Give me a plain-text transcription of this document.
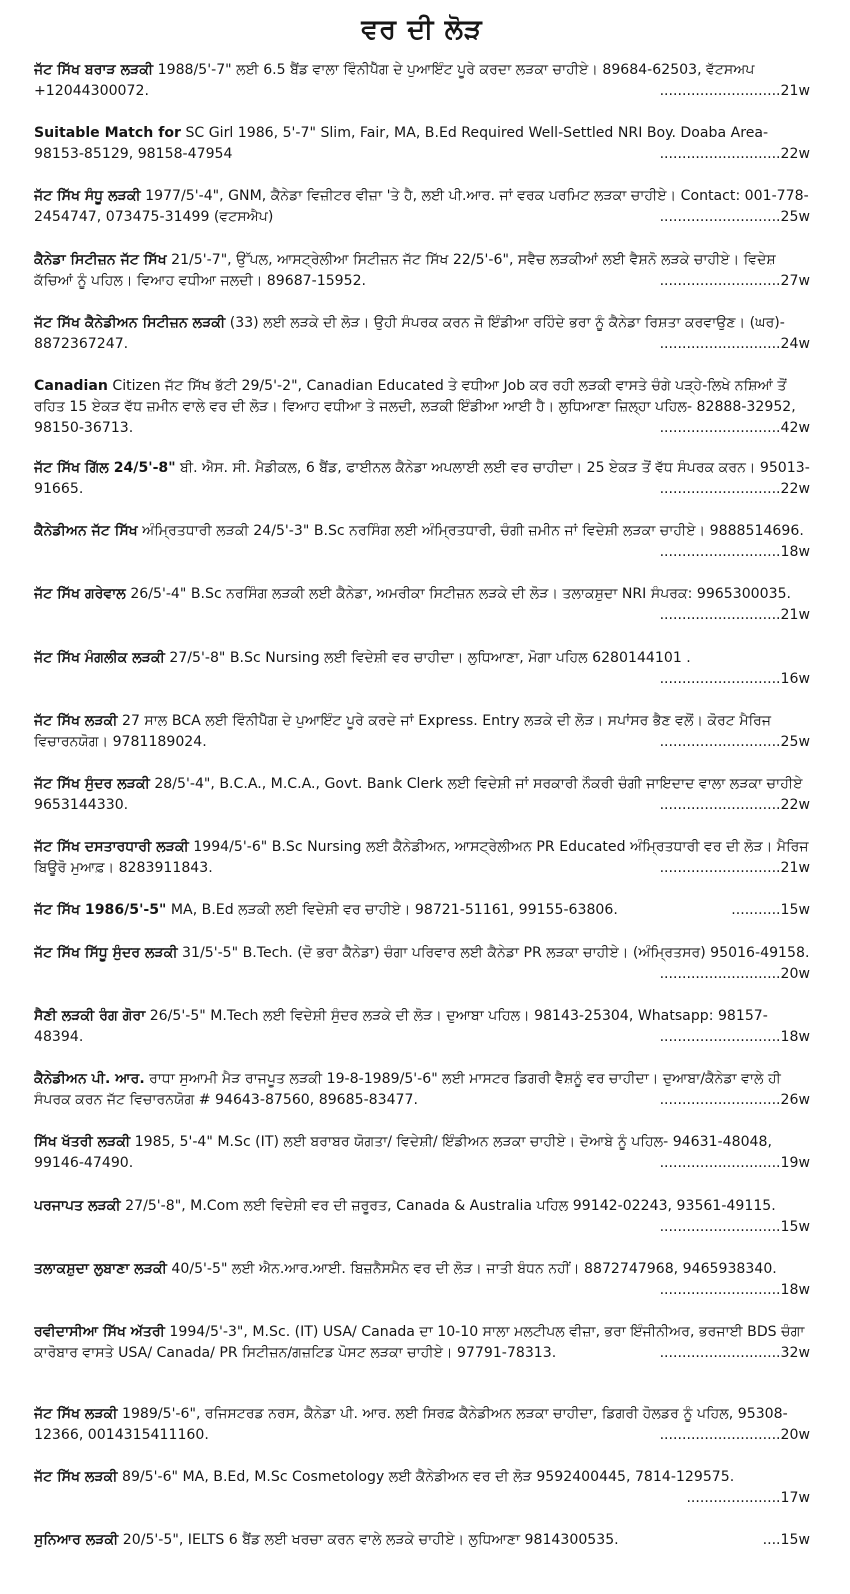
ਵਰ ਦੀ ਲੋੜ
ਜੱਟ ਸਿੱਖ ਬਰਾੜ ਲੜਕੀ 1988/5'-7" ਲਈ 6.5 ਬੈਂਡ ਵਾਲਾ ਵਿੰਨੀਪੈੱਗ ਦੇ ਪੁਆਇੰਟ ਪੂਰੇ ਕਰਦਾ ਲੜਕਾ ਚਾਹੀਏ। 89684-62503, ਵੱਟਸਅਪ +12044300072.	...........................21w
Suitable Match for SC Girl 1986, 5'-7" Slim, Fair, MA, B.Ed Required Well-Settled NRI Boy. Doaba Area-98153-85129, 98158-47954	...........................22w
ਜੱਟ ਸਿੱਖ ਸੰਧੂ ਲੜਕੀ 1977/5'-4", GNM, ਕੈਨੇਡਾ ਵਿਜ਼ੀਟਰ ਵੀਜ਼ਾ 'ਤੇ ਹੈ, ਲਈ ਪੀ.ਆਰ. ਜਾਂ ਵਰਕ ਪਰਮਿਟ ਲੜਕਾ ਚਾਹੀਏ। Contact: 001-778-2454747, 073475-31499 (ਵਟਸਐਪ)	...........................25w
ਕੈਨੇਡਾ ਸਿਟੀਜ਼ਨ ਜੱਟ ਸਿੱਖ 21/5'-7", ਉੱਪਲ, ਆਸਟ੍ਰੇਲੀਆ ਸਿਟੀਜ਼ਨ ਜੱਟ ਸਿੱਖ 22/5'-6", ਸਵੈਚ ਲੜਕੀਆਂ ਲਈ ਵੈਸ਼ਨੋ ਲੜਕੇ ਚਾਹੀਏ। ਵਿਦੇਸ਼ ਕੱਚਿਆਂ ਨੂੰ ਪਹਿਲ। ਵਿਆਹ ਵਧੀਆ ਜਲਦੀ। 89687-15952.	...........................27w
ਜੱਟ ਸਿੱਖ ਕੈਨੇਡੀਅਨ ਸਿਟੀਜ਼ਨ ਲੜਕੀ (33) ਲਈ ਲੜਕੇ ਦੀ ਲੋੜ। ਉਹੀ ਸੰਪਰਕ ਕਰਨ ਜੋ ਇੰਡੀਆ ਰਹਿੰਦੇ ਭਰਾ ਨੂੰ ਕੈਨੇਡਾ ਰਿਸ਼ਤਾ ਕਰਵਾਉਣ। (ਘਰ)- 8872367247.	...........................24w
Canadian Citizen ਜੱਟ ਸਿੱਖ ਭੱਟੀ 29/5'-2", Canadian Educated ਤੇ ਵਧੀਆ Job ਕਰ ਰਹੀ ਲੜਕੀ ਵਾਸਤੇ ਚੰਗੇ ਪੜ੍ਹੇ-ਲਿਖੇ ਨਸ਼ਿਆਂ ਤੋਂ ਰਹਿਤ 15 ਏਕੜ ਵੱਧ ਜ਼ਮੀਨ ਵਾਲੇ ਵਰ ਦੀ ਲੋੜ। ਵਿਆਹ ਵਧੀਆ ਤੇ ਜਲਦੀ, ਲੜਕੀ ਇੰਡੀਆ ਆਈ ਹੈ। ਲੁਧਿਆਣਾ ਜ਼ਿਲ੍ਹਾ ਪਹਿਲ- 82888-32952, 98150-36713.	...........................42w
ਜੱਟ ਸਿੱਖ ਗਿੱਲ 24/5'-8" ਬੀ. ਐਸ. ਸੀ. ਮੈਡੀਕਲ, 6 ਬੈਂਡ, ਫਾਈਨਲ ਕੈਨੇਡਾ ਅਪਲਾਈ ਲਈ ਵਰ ਚਾਹੀਦਾ। 25 ਏਕੜ ਤੋਂ ਵੱਧ ਸੰਪਰਕ ਕਰਨ। 95013-91665.	...........................22w
ਕੈਨੇਡੀਅਨ ਜੱਟ ਸਿੱਖ ਅੰਮ੍ਰਿਤਧਾਰੀ ਲੜਕੀ 24/5'-3" B.Sc ਨਰਸਿੰਗ ਲਈ ਅੰਮ੍ਰਿਤਧਾਰੀ, ਚੰਗੀ ਜ਼ਮੀਨ ਜਾਂ ਵਿਦੇਸ਼ੀ ਲੜਕਾ ਚਾਹੀਏ। 9888514696.
...........................18w
ਜੱਟ ਸਿੱਖ ਗਰੇਵਾਲ 26/5'-4" B.Sc ਨਰਸਿੰਗ ਲੜਕੀ ਲਈ ਕੈਨੇਡਾ, ਅਮਰੀਕਾ ਸਿਟੀਜ਼ਨ ਲੜਕੇ ਦੀ ਲੋੜ। ਤਲਾਕਸ਼ੁਦਾ NRI ਸੰਪਰਕ: 9965300035.
...........................21w
ਜੱਟ ਸਿੱਖ ਮੰਗਲੀਕ ਲੜਕੀ 27/5'-8" B.Sc Nursing ਲਈ ਵਿਦੇਸ਼ੀ ਵਰ ਚਾਹੀਦਾ। ਲੁਧਿਆਣਾ, ਮੋਗਾ ਪਹਿਲ 6280144101 .
...........................16w
ਜੱਟ ਸਿੱਖ ਲੜਕੀ 27 ਸਾਲ BCA ਲਈ ਵਿੰਨੀਪੈੱਗ ਦੇ ਪੁਆਇੰਟ ਪੂਰੇ ਕਰਦੇ ਜਾਂ Express. Entry ਲੜਕੇ ਦੀ ਲੋੜ। ਸਪਾਂਸਰ ਭੈਣ ਵਲੋਂ। ਕੋਰਟ ਮੈਰਿਜ ਵਿਚਾਰਨਯੋਗ। 9781189024.	...........................25w
ਜੱਟ ਸਿੱਖ ਸੁੰਦਰ ਲੜਕੀ 28/5'-4", B.C.A., M.C.A., Govt. Bank Clerk ਲਈ ਵਿਦੇਸ਼ੀ ਜਾਂ ਸਰਕਾਰੀ ਨੌਕਰੀ ਚੰਗੀ ਜਾਇਦਾਦ ਵਾਲਾ ਲੜਕਾ ਚਾਹੀਏ 9653144330.	...........................22w
ਜੱਟ ਸਿੱਖ ਦਸਤਾਰਧਾਰੀ ਲੜਕੀ 1994/5'-6" B.Sc Nursing ਲਈ ਕੈਨੇਡੀਅਨ, ਆਸਟ੍ਰੇਲੀਅਨ PR Educated ਅੰਮ੍ਰਿਤਧਾਰੀ ਵਰ ਦੀ ਲੋੜ। ਮੈਰਿਜ ਬਿਊਰੋ ਮੁਆਫ਼। 8283911843.	...........................21w
ਜੱਟ ਸਿੱਖ 1986/5'-5" MA, B.Ed ਲੜਕੀ ਲਈ ਵਿਦੇਸ਼ੀ ਵਰ ਚਾਹੀਏ। 98721-51161, 99155-63806.	...........15w
ਜੱਟ ਸਿੱਖ ਸਿੱਧੂ ਸੁੰਦਰ ਲੜਕੀ 31/5'-5" B.Tech. (ਦੋ ਭਰਾ ਕੈਨੇਡਾ) ਚੰਗਾ ਪਰਿਵਾਰ ਲਈ ਕੈਨੇਡਾ PR ਲੜਕਾ ਚਾਹੀਏ। (ਅੰਮ੍ਰਿਤਸਰ) 95016-49158.
...........................20w
ਸੈਣੀ ਲੜਕੀ ਰੰਗ ਗੋਰਾ 26/5'-5" M.Tech ਲਈ ਵਿਦੇਸ਼ੀ ਸੁੰਦਰ ਲੜਕੇ ਦੀ ਲੋੜ। ਦੁਆਬਾ ਪਹਿਲ। 98143-25304, Whatsapp: 98157-48394.	...........................18w
ਕੈਨੇਡੀਅਨ ਪੀ. ਆਰ. ਰਾਧਾ ਸੁਆਮੀ ਮੈੜ ਰਾਜਪੂਤ ਲੜਕੀ 19-8-1989/5'-6" ਲਈ ਮਾਸਟਰ ਡਿਗਰੀ ਵੈਸ਼ਨੂੰ ਵਰ ਚਾਹੀਦਾ। ਦੁਆਬਾ/ਕੈਨੇਡਾ ਵਾਲੇ ਹੀ ਸੰਪਰਕ ਕਰਨ ਜੱਟ ਵਿਚਾਰਨਯੋਗ # 94643-87560, 89685-83477.	...........................26w
ਸਿੱਖ ਖੱਤਰੀ ਲੜਕੀ 1985, 5'-4" M.Sc (IT) ਲਈ ਬਰਾਬਰ ਯੋਗਤਾ/ ਵਿਦੇਸ਼ੀ/ ਇੰਡੀਅਨ ਲੜਕਾ ਚਾਹੀਏ। ਦੋਆਬੇ ਨੂੰ ਪਹਿਲ- 94631-48048, 99146-47490.	...........................19w
ਪਰਜਾਪਤ ਲੜਕੀ 27/5'-8", M.Com ਲਈ ਵਿਦੇਸ਼ੀ ਵਰ ਦੀ ਜ਼ਰੂਰਤ, Canada & Australia ਪਹਿਲ 99142-02243, 93561-49115.
...........................15w
ਤਲਾਕਸ਼ੁਦਾ ਲੁਬਾਣਾ ਲੜਕੀ 40/5'-5" ਲਈ ਐਨ.ਆਰ.ਆਈ. ਬਿਜ਼ਨੈਸਮੈਨ ਵਰ ਦੀ ਲੋੜ। ਜਾਤੀ ਬੰਧਨ ਨਹੀਂ। 8872747968, 9465938340.
...........................18w
ਰਵੀਦਾਸੀਆ ਸਿੱਖ ਅੱਤਰੀ 1994/5'-3", M.Sc. (IT) USA/ Canada ਦਾ 10-10 ਸਾਲਾ ਮਲਟੀਪਲ ਵੀਜ਼ਾ, ਭਰਾ ਇੰਜੀਨੀਅਰ, ਭਰਜਾਈ BDS ਚੰਗਾ ਕਾਰੋਬਾਰ ਵਾਸਤੇ USA/ Canada/ PR ਸਿਟੀਜ਼ਨ/ਗਜ਼ਟਿਡ ਪੋਸਟ ਲੜਕਾ ਚਾਹੀਏ। 97791-78313.	...........................32w
ਜੱਟ ਸਿੱਖ ਲੜਕੀ 1989/5'-6", ਰਜਿਸਟਰਡ ਨਰਸ, ਕੈਨੇਡਾ ਪੀ. ਆਰ. ਲਈ ਸਿਰਫ਼ ਕੈਨੇਡੀਅਨ ਲੜਕਾ ਚਾਹੀਦਾ, ਡਿਗਰੀ ਹੋਲਡਰ ਨੂੰ ਪਹਿਲ, 95308-12366, 0014315411160.	...........................20w
ਜੱਟ ਸਿੱਖ ਲੜਕੀ 89/5'-6" MA, B.Ed, M.Sc Cosmetology ਲਈ ਕੈਨੇਡੀਅਨ ਵਰ ਦੀ ਲੋੜ 9592400445, 7814-129575.
.....................17w
ਸੁਨਿਆਰ ਲੜਕੀ 20/5'-5", IELTS 6 ਬੈਂਡ ਲਈ ਖਰਚਾ ਕਰਨ ਵਾਲੇ ਲੜਕੇ ਚਾਹੀਏ। ਲੁਧਿਆਣਾ 9814300535.	....15w
